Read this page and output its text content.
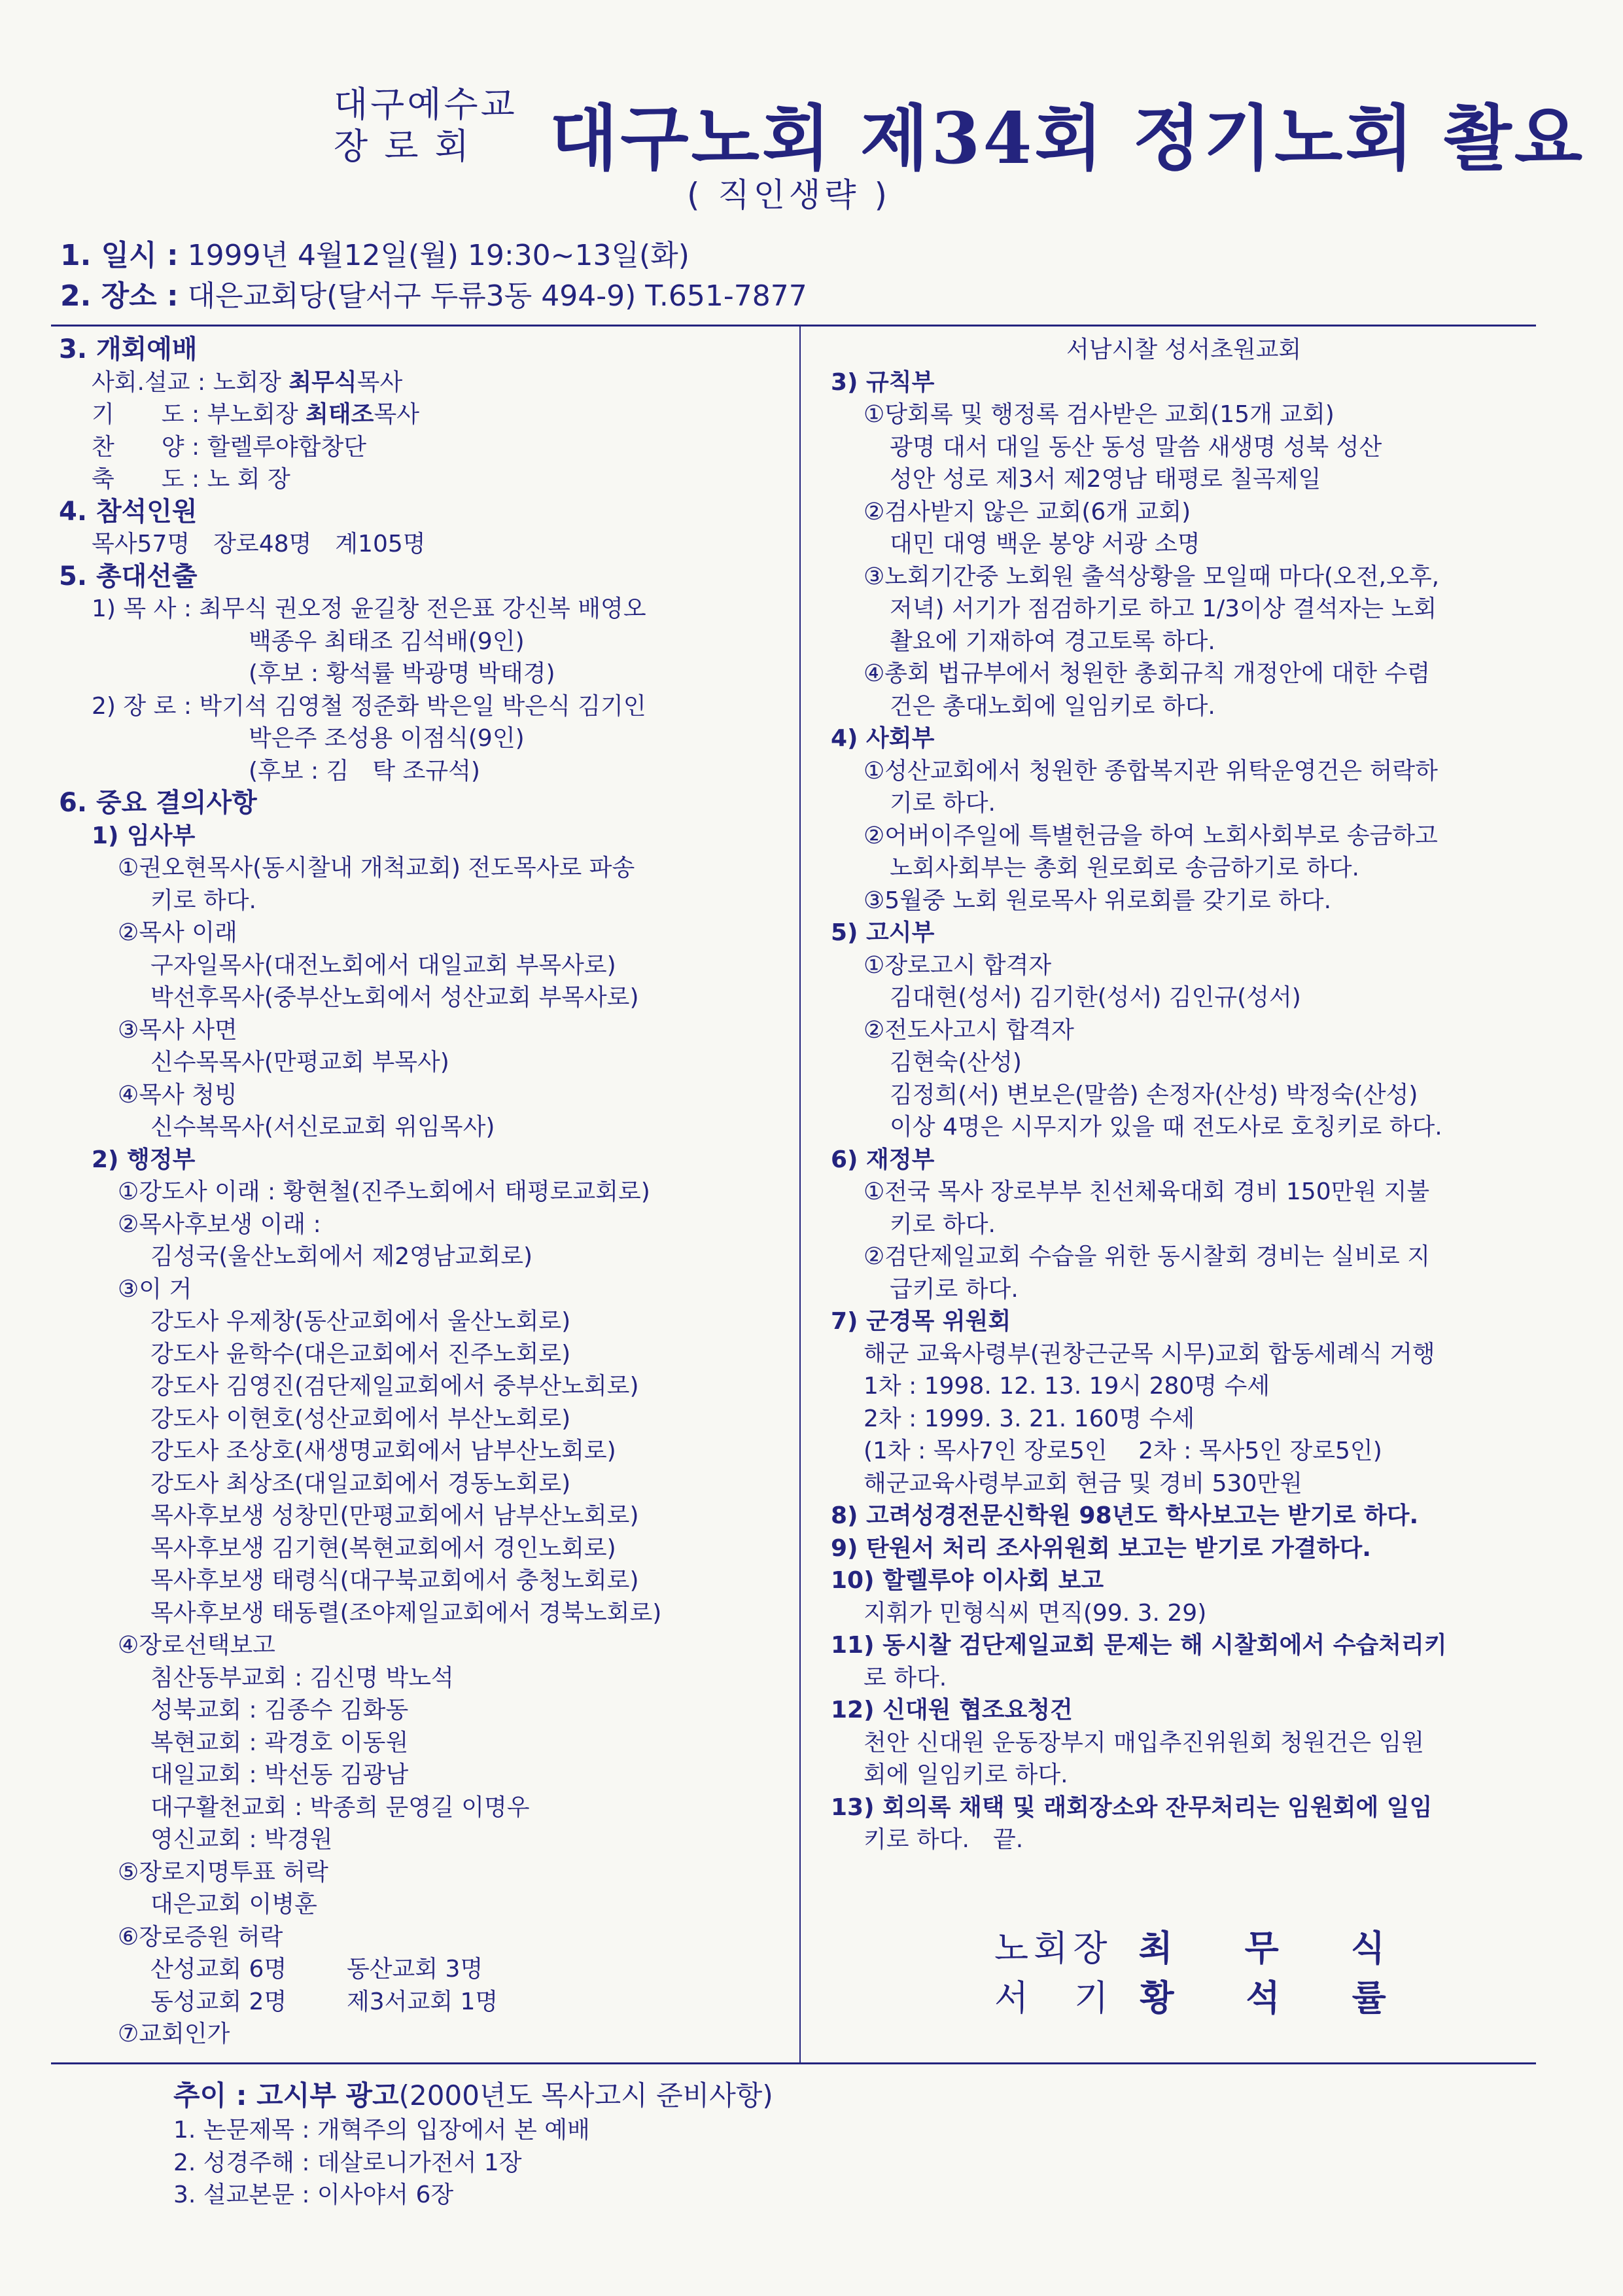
대구예수교
장 로 회 대구노회 제34회 정기노회 촬요
( 직인생략 )
1. 일시 : 1999년 4월12일(월) 19:30~13일(화)
2. 장소 : 대은교회당(달서구 두류3동 494-9) T.651-7877
3. 개회예배
사회.설교 : 노회장 최무식목사
기　　도 : 부노회장 최태조목사
찬　　양 : 할렐루야합창단
축　　도 : 노 회 장
4. 참석인원
목사57명　장로48명　계105명
5. 총대선출
1) 목 사 : 최무식 권오정 윤길창 전은표 강신복 배영오
백종우 최태조 김석배(9인)
(후보 : 황석률 박광명 박태경)
2) 장 로 : 박기석 김영철 정준화 박은일 박은식 김기인
박은주 조성용 이점식(9인)
(후보 : 김　탁 조규석)
6. 중요 결의사항
1) 임사부
①권오현목사(동시찰내 개척교회) 전도목사로 파송
키로 하다.
②목사 이래
구자일목사(대전노회에서 대일교회 부목사로)
박선후목사(중부산노회에서 성산교회 부목사로)
③목사 사면
신수목목사(만평교회 부목사)
④목사 청빙
신수복목사(서신로교회 위임목사)
2) 행정부
①강도사 이래 : 황현철(진주노회에서 태평로교회로)
②목사후보생 이래 :
김성국(울산노회에서 제2영남교회로)
③이 거
강도사 우제창(동산교회에서 울산노회로)
강도사 윤학수(대은교회에서 진주노회로)
강도사 김영진(검단제일교회에서 중부산노회로)
강도사 이현호(성산교회에서 부산노회로)
강도사 조상호(새생명교회에서 남부산노회로)
강도사 최상조(대일교회에서 경동노회로)
목사후보생 성창민(만평교회에서 남부산노회로)
목사후보생 김기현(복현교회에서 경인노회로)
목사후보생 태령식(대구북교회에서 충청노회로)
목사후보생 태동렬(조야제일교회에서 경북노회로)
④장로선택보고
침산동부교회 : 김신명 박노석
성북교회 : 김종수 김화동
복현교회 : 곽경호 이동원
대일교회 : 박선동 김광남
대구활천교회 : 박종희 문영길 이명우
영신교회 : 박경원
⑤장로지명투표 허락
대은교회 이병훈
⑥장로증원 허락
산성교회 6명	동산교회 3명
동성교회 2명	제3서교회 1명
⑦교회인가
서남시찰 성서초원교회
3) 규칙부
①당회록 및 행정록 검사받은 교회(15개 교회)
광명 대서 대일 동산 동성 말씀 새생명 성북 성산
성안 성로 제3서 제2영남 태평로 칠곡제일
②검사받지 않은 교회(6개 교회)
대민 대영 백운 봉양 서광 소명
③노회기간중 노회원 출석상황을 모일때 마다(오전,오후,
저녁) 서기가 점검하기로 하고 1/3이상 결석자는 노회
촬요에 기재하여 경고토록 하다.
④총회 법규부에서 청원한 총회규칙 개정안에 대한 수렴
건은 총대노회에 일임키로 하다.
4) 사회부
①성산교회에서 청원한 종합복지관 위탁운영건은 허락하
기로 하다.
②어버이주일에 특별헌금을 하여 노회사회부로 송금하고
노회사회부는 총회 원로회로 송금하기로 하다.
③5월중 노회 원로목사 위로회를 갖기로 하다.
5) 고시부
①장로고시 합격자
김대현(성서) 김기한(성서) 김인규(성서)
②전도사고시 합격자
김현숙(산성)
김정희(서) 변보은(말씀) 손정자(산성) 박정숙(산성)
이상 4명은 시무지가 있을 때 전도사로 호칭키로 하다.
6) 재정부
①전국 목사 장로부부 친선체육대회 경비 150만원 지불
키로 하다.
②검단제일교회 수습을 위한 동시찰회 경비는 실비로 지
급키로 하다.
7) 군경목 위원회
해군 교육사령부(권창근군목 시무)교회 합동세례식 거행
1차 : 1998. 12. 13. 19시 280명 수세
2차 : 1999. 3. 21. 160명 수세
(1차 : 목사7인 장로5인　 2차 : 목사5인 장로5인)
해군교육사령부교회 현금 및 경비 530만원
8) 고려성경전문신학원 98년도 학사보고는 받기로 하다.
9) 탄원서 처리 조사위원회 보고는 받기로 가결하다.
10) 할렐루야 이사회 보고
지휘가 민형식씨 면직(99. 3. 29)
11) 동시찰 검단제일교회 문제는 해 시찰회에서 수습처리키
로 하다.
12) 신대원 협조요청건
천안 신대원 운동장부지 매입추진위원회 청원건은 임원
회에 일임키로 하다.
13) 회의록 채택 및 래회장소와 잔무처리는 임원회에 일임
키로 하다.　끝.
노회장 최무식
서　기 황석률
추이 : 고시부 광고(2000년도 목사고시 준비사항)
1. 논문제목 : 개혁주의 입장에서 본 예배
2. 성경주해 : 데살로니가전서 1장
3. 설교본문 : 이사야서 6장
